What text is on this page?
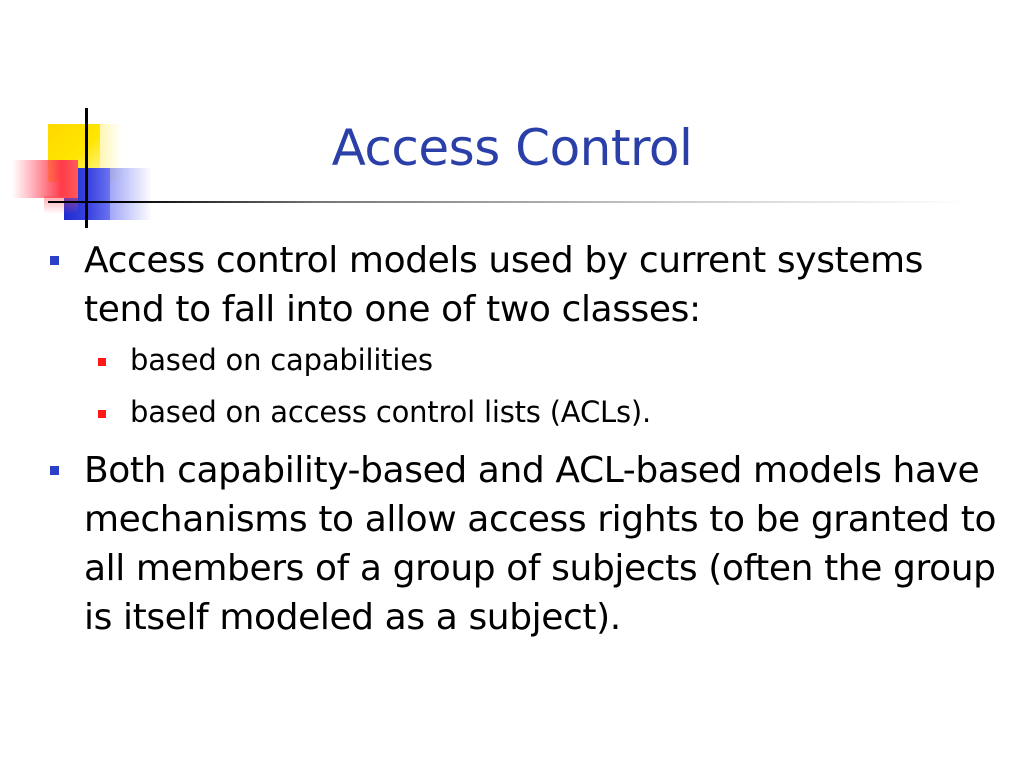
Access Control
Access control models used by current systems tend to fall into one of two classes:
based on capabilities
based on access control lists (ACLs).
Both capability-based and ACL-based models have mechanisms to allow access rights to be granted to all members of a group of subjects (often the group is itself modeled as a subject).
